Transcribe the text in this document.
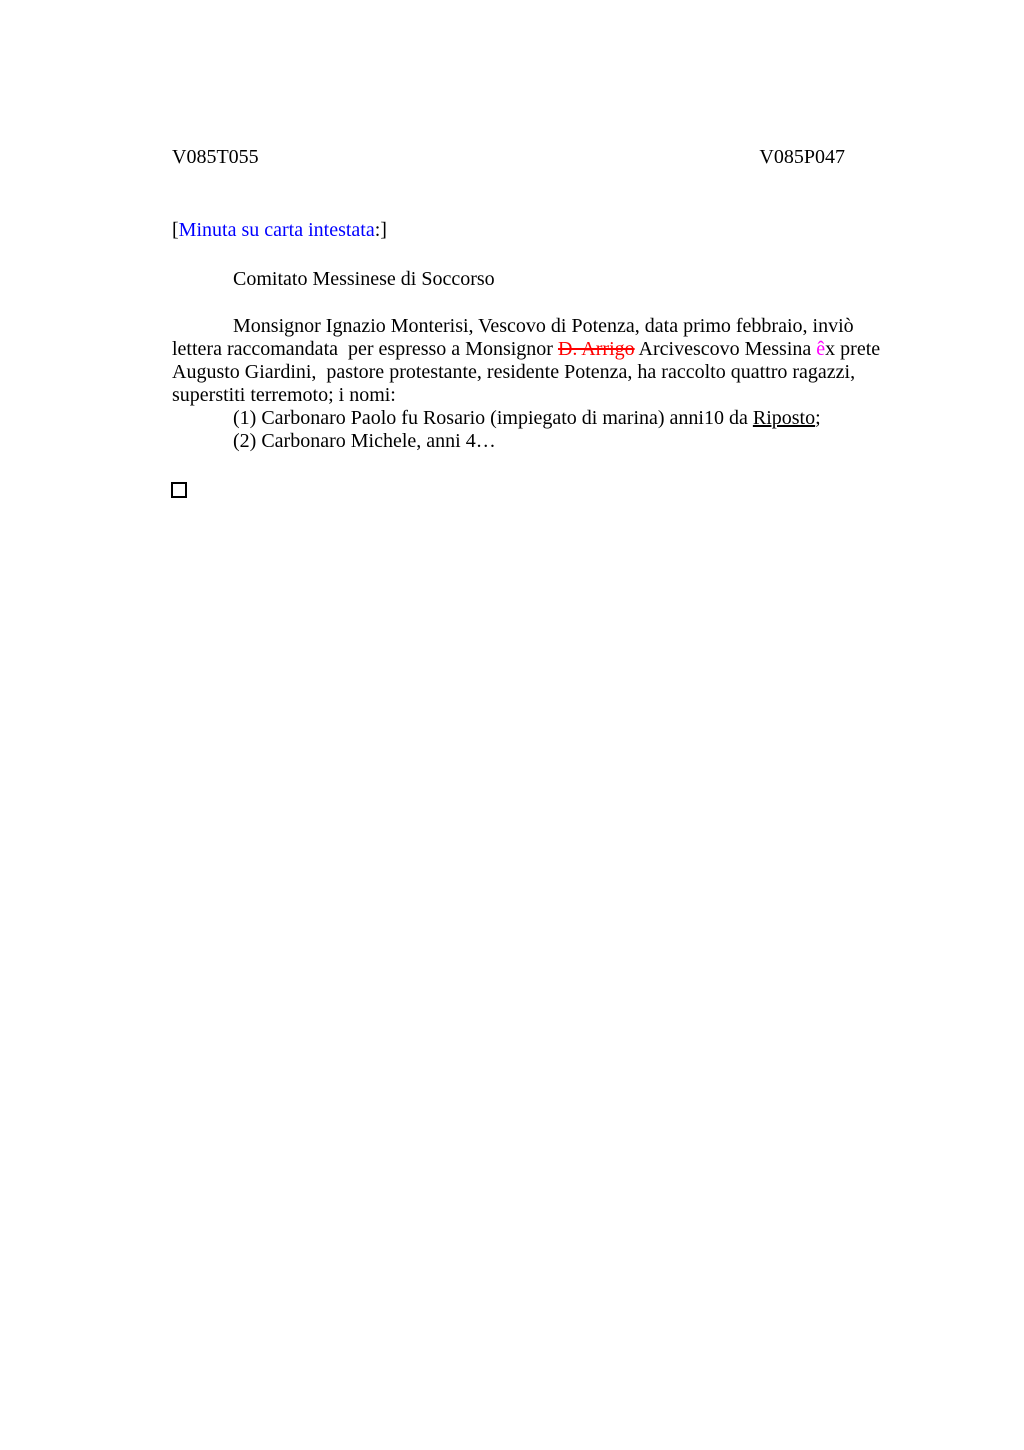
V085T055	V085P047
[Minuta su carta intestata:]
Comitato Messinese di Soccorso
Monsignor Ignazio Monterisi, Vescovo di Potenza, data primo febbraio, inviò
lettera raccomandata  per espresso a Monsignor D. Arrigo Arcivescovo Messina êx prete
Augusto Giardini,  pastore protestante, residente Potenza, ha raccolto quattro ragazzi,
superstiti terremoto; i nomi:
(1) Carbonaro Paolo fu Rosario (impiegato di marina) anni10 da Riposto;
(2) Carbonaro Michele, anni 4…
